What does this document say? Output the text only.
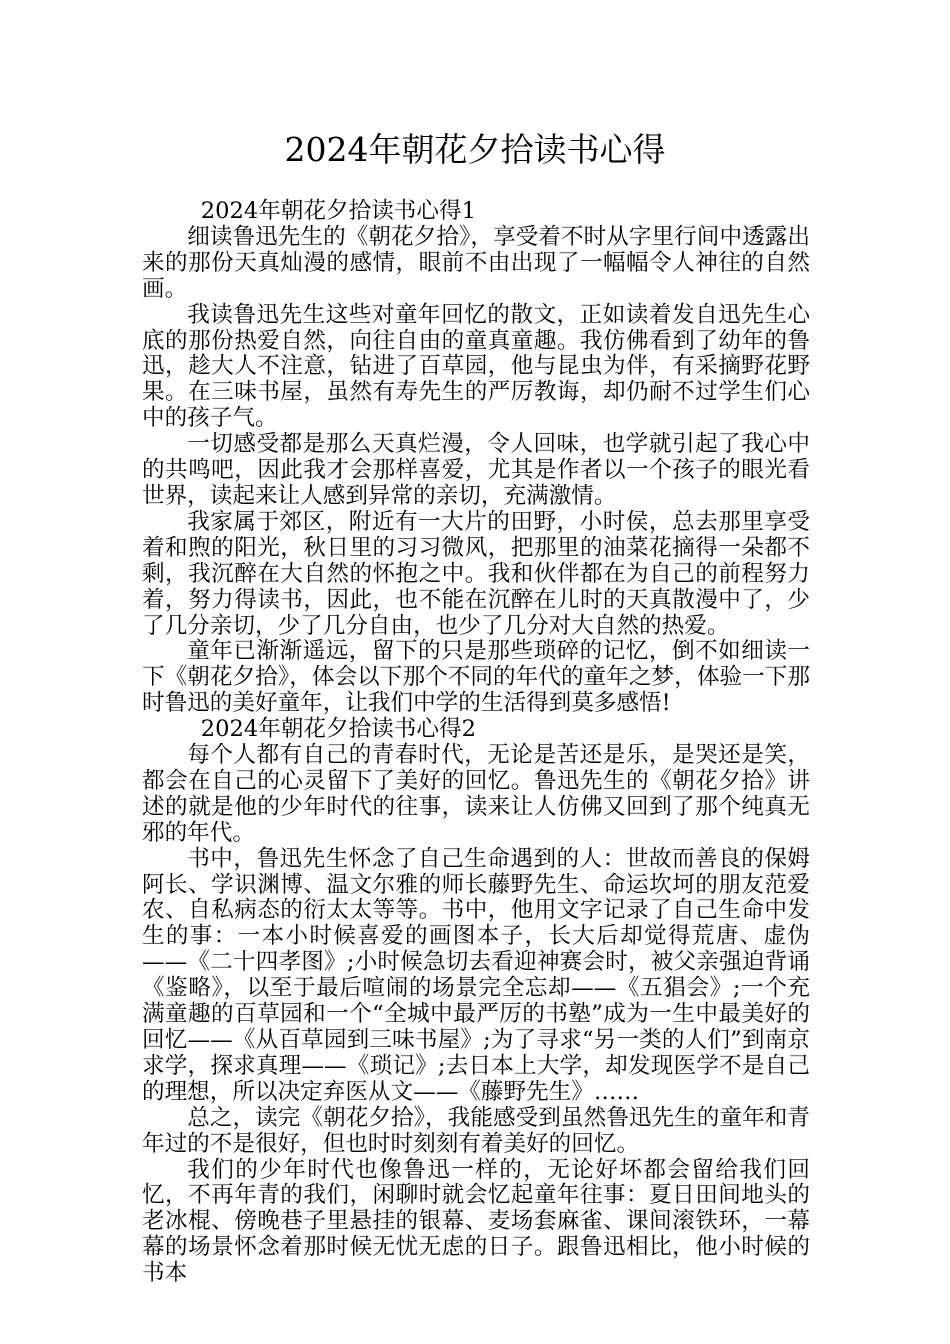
2024年朝花夕拾读书心得

2024年朝花夕拾读书心得1

细读鲁迅先生的《朝花夕拾》，享受着不时从字里行间中透露出来的那份天真灿漫的感情，眼前不由出现了一幅幅令人神往的自然画。

我读鲁迅先生这些对童年回忆的散文，正如读着发自迅先生心底的那份热爱自然，向往自由的童真童趣。我仿佛看到了幼年的鲁迅，趁大人不注意，钻进了百草园，他与昆虫为伴，有采摘野花野果。在三味书屋，虽然有寿先生的严厉教诲，却仍耐不过学生们心中的孩子气。

一切感受都是那么天真烂漫，令人回味，也学就引起了我心中的共鸣吧，因此我才会那样喜爱，尤其是作者以一个孩子的眼光看世界，读起来让人感到异常的亲切，充满激情。

我家属于郊区，附近有一大片的田野，小时侯，总去那里享受着和煦的阳光，秋日里的习习微风，把那里的油菜花摘得一朵都不剩，我沉醉在大自然的怀抱之中。我和伙伴都在为自己的前程努力着，努力得读书，因此，也不能在沉醉在儿时的天真散漫中了，少了几分亲切，少了几分自由，也少了几分对大自然的热爱。

童年已渐渐遥远，留下的只是那些琐碎的记忆，倒不如细读一下《朝花夕拾》，体会以下那个不同的年代的童年之梦，体验一下那时鲁迅的美好童年，让我们中学的生活得到莫多感悟!

2024年朝花夕拾读书心得2

每个人都有自己的青春时代，无论是苦还是乐，是哭还是笑，都会在自己的心灵留下了美好的回忆。鲁迅先生的《朝花夕拾》讲述的就是他的少年时代的往事，读来让人仿佛又回到了那个纯真无邪的年代。

书中，鲁迅先生怀念了自己生命遇到的人：世故而善良的保姆阿长、学识渊博、温文尔雅的师长藤野先生、命运坎坷的朋友范爱农、自私病态的衍太太等等。书中，他用文字记录了自己生命中发生的事：一本小时候喜爱的画图本子，长大后却觉得荒唐、虚伪——《二十四孝图》;小时候急切去看迎神赛会时，被父亲强迫背诵《鉴略》，以至于最后喧闹的场景完全忘却——《五猖会》;一个充满童趣的百草园和一个“全城中最严厉的书塾”成为一生中最美好的回忆——《从百草园到三味书屋》;为了寻求“另一类的人们”到南京求学，探求真理——《琐记》;去日本上大学，却发现医学不是自己的理想，所以决定弃医从文——《藤野先生》……

总之，读完《朝花夕拾》，我能感受到虽然鲁迅先生的童年和青年过的不是很好，但也时时刻刻有着美好的回忆。

我们的少年时代也像鲁迅一样的，无论好坏都会留给我们回忆，不再年青的我们，闲聊时就会忆起童年往事：夏日田间地头的老冰棍、傍晚巷子里悬挂的银幕、麦场套麻雀、课间滚铁环，一幕幕的场景怀念着那时候无忧无虑的日子。跟鲁迅相比，他小时候的书本
